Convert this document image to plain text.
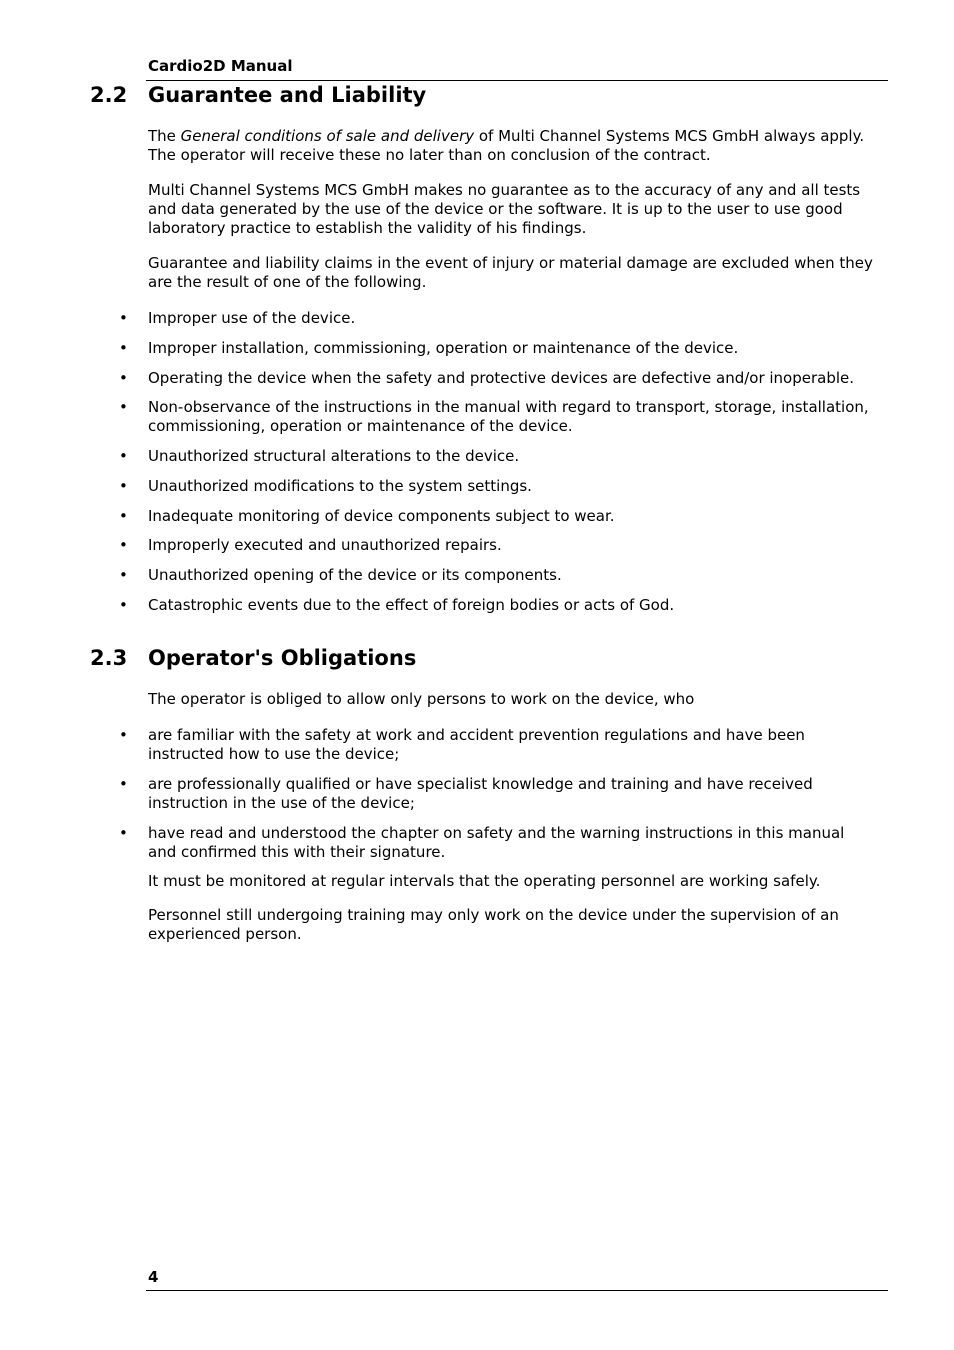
Cardio2D Manual
2.2 Guarantee and Liability

The General conditions of sale and delivery of Multi Channel Systems MCS GmbH always apply. The operator will receive these no later than on conclusion of the contract.

Multi Channel Systems MCS GmbH makes no guarantee as to the accuracy of any and all tests and data generated by the use of the device or the software. It is up to the user to use good laboratory practice to establish the validity of his findings.

Guarantee and liability claims in the event of injury or material damage are excluded when they are the result of one of the following.

• Improper use of the device.

• Improper installation, commissioning, operation or maintenance of the device.

• Operating the device when the safety and protective devices are defective and/or inoperable.

• Non-observance of the instructions in the manual with regard to transport, storage, installation, commissioning, operation or maintenance of the device.

• Unauthorized structural alterations to the device.

• Unauthorized modifications to the system settings.

• Inadequate monitoring of device components subject to wear.

• Improperly executed and unauthorized repairs.

• Unauthorized opening of the device or its components.

• Catastrophic events due to the effect of foreign bodies or acts of God.

2.3 Operator's Obligations

The operator is obliged to allow only persons to work on the device, who

• are familiar with the safety at work and accident prevention regulations and have been instructed how to use the device;

• are professionally qualified or have specialist knowledge and training and have received instruction in the use of the device;

• have read and understood the chapter on safety and the warning instructions in this manual and confirmed this with their signature.

It must be monitored at regular intervals that the operating personnel are working safely.

Personnel still undergoing training may only work on the device under the supervision of an experienced person.

4
